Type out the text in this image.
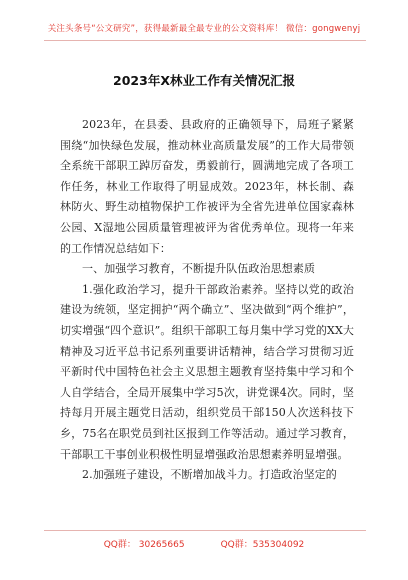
关注头条号“公文研究”，获得最新最全最专业的公文资料库！ 微信：gongwenyj
2023年X林业工作有关情况汇报

2023年，在县委、县政府的正确领导下，局班子紧紧围绕“加快绿色发展，推动林业高质量发展”的工作大局带领全系统干部职工踔厉奋发，勇毅前行，圆满地完成了各项工作任务，林业工作取得了明显成效。2023年，林长制、森林防火、野生动植物保护工作被评为全省先进单位国家森林公园、X湿地公园质量管理被评为省优秀单位。现将一年来的工作情况总结如下：

一、加强学习教育，不断提升队伍政治思想素质

1.强化政治学习，提升干部政治素养。坚持以党的政治建设为统领，坚定拥护“两个确立”、坚决做到“两个维护”，切实增强“四个意识”。组织干部职工每月集中学习党的XX大精神及习近平总书记系列重要讲话精神，结合学习贯彻习近平新时代中国特色社会主义思想主题教育坚持集中学习和个人自学结合，全局开展集中学习5次，讲党课4次。同时，坚持每月开展主题党日活动，组织党员干部150人次送科技下乡，75名在职党员到社区报到工作等活动。通过学习教育，干部职工干事创业积极性明显增强政治思想素养明显增强。

2.加强班子建设，不断增加战斗力。打造政治坚定的

QQ群： 30265665	QQ群：535304092
